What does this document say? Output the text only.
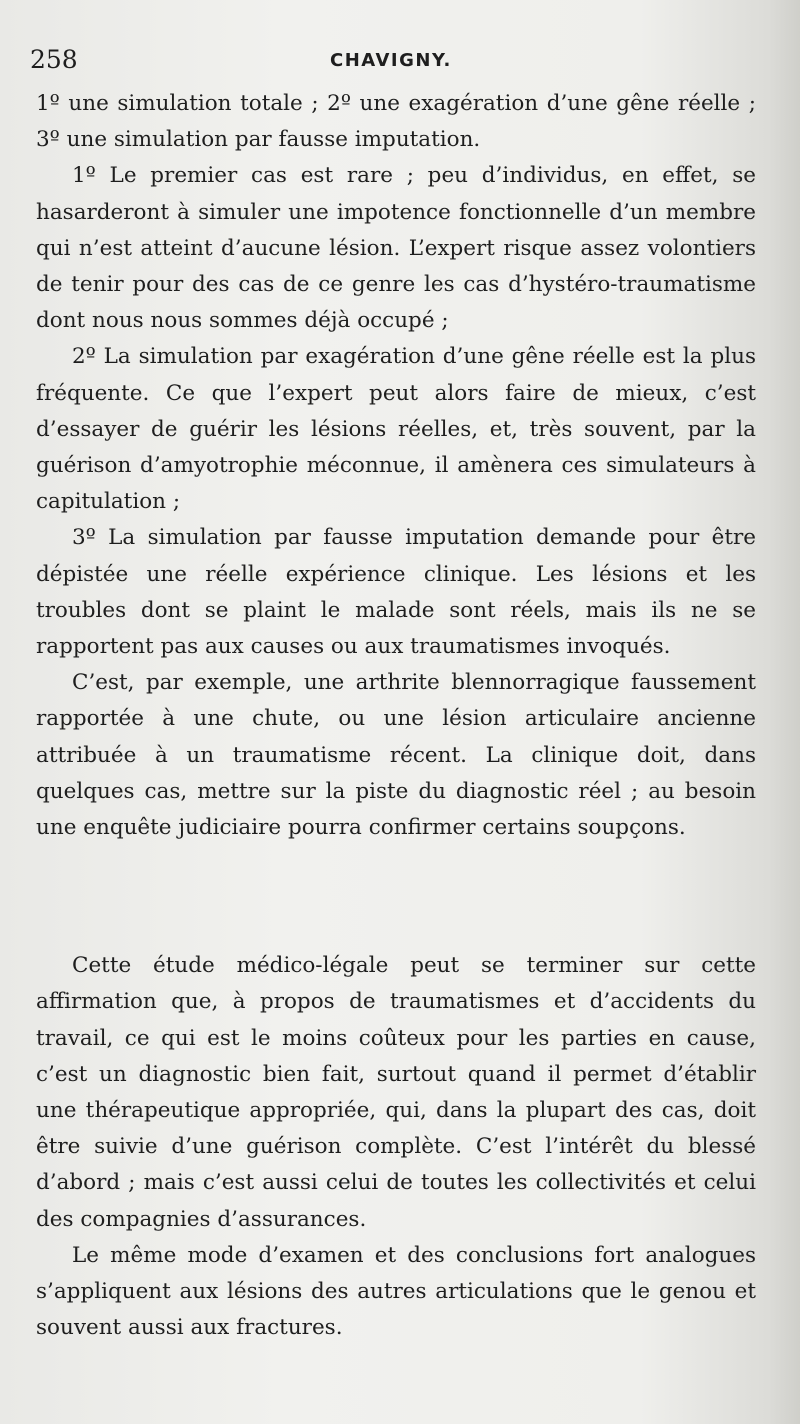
258	CHAVIGNY.

1º une simulation totale ; 2º une exagération d’une gêne réelle ; 3º une simulation par fausse imputation.

1º Le premier cas est rare ; peu d’individus, en effet, se hasarderont à simuler une impotence fonctionnelle d’un membre qui n’est atteint d’aucune lésion. L’expert risque assez volontiers de tenir pour des cas de ce genre les cas d’hystéro-traumatisme dont nous nous sommes déjà occupé ;

2º La simulation par exagération d’une gêne réelle est la plus fréquente. Ce que l’expert peut alors faire de mieux, c’est d’essayer de guérir les lésions réelles, et, très souvent, par la guérison d’amyotrophie méconnue, il amènera ces simulateurs à capitulation ;

3º La simulation par fausse imputation demande pour être dépistée une réelle expérience clinique. Les lésions et les troubles dont se plaint le malade sont réels, mais ils ne se rapportent pas aux causes ou aux traumatismes invoqués.

C’est, par exemple, une arthrite blennorragique faussement rapportée à une chute, ou une lésion articulaire ancienne attribuée à un traumatisme récent. La clinique doit, dans quelques cas, mettre sur la piste du diagnostic réel ; au besoin une enquête judiciaire pourra confirmer certains soupçons.

Cette étude médico-légale peut se terminer sur cette affirmation que, à propos de traumatismes et d’accidents du travail, ce qui est le moins coûteux pour les parties en cause, c’est un diagnostic bien fait, surtout quand il permet d’établir une thérapeutique appropriée, qui, dans la plupart des cas, doit être suivie d’une guérison complète. C’est l’intérêt du blessé d’abord ; mais c’est aussi celui de toutes les collectivités et celui des compagnies d’assurances.

Le même mode d’examen et des conclusions fort analogues s’appliquent aux lésions des autres articulations que le genou et souvent aussi aux fractures.
